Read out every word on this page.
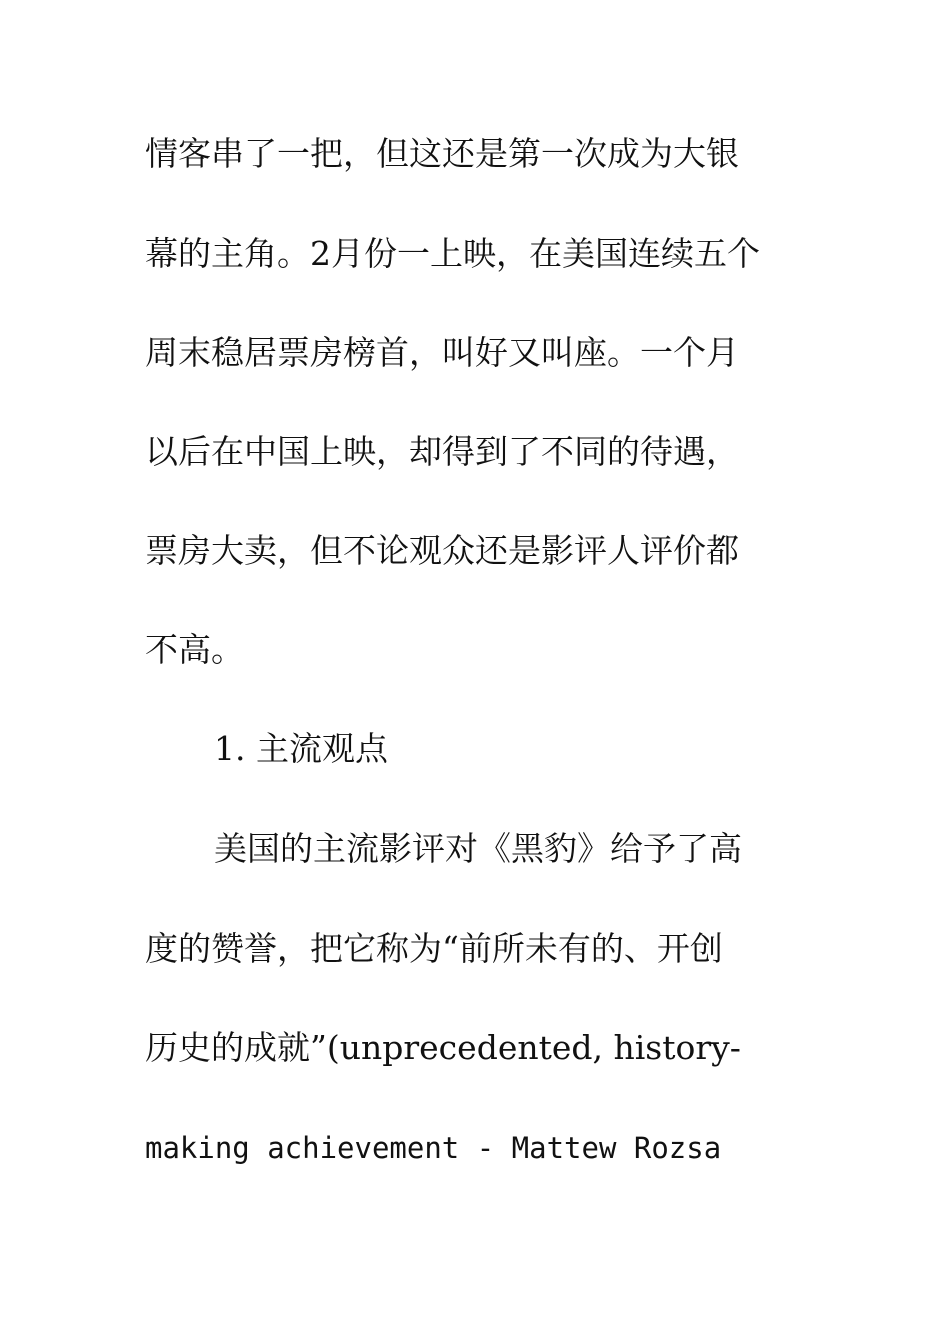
情客串了一把，但这还是第一次成为大银
幕的主角。2月份一上映，在美国连续五个
周末稳居票房榜首，叫好又叫座。一个月
以后在中国上映，却得到了不同的待遇，
票房大卖，但不论观众还是影评人评价都
不高。
1. 主流观点
美国的主流影评对《黑豹》给予了高
度的赞誉，把它称为“前所未有的、开创
历史的成就”(unprecedented, history-
making achievement - Mattew Rozsa
